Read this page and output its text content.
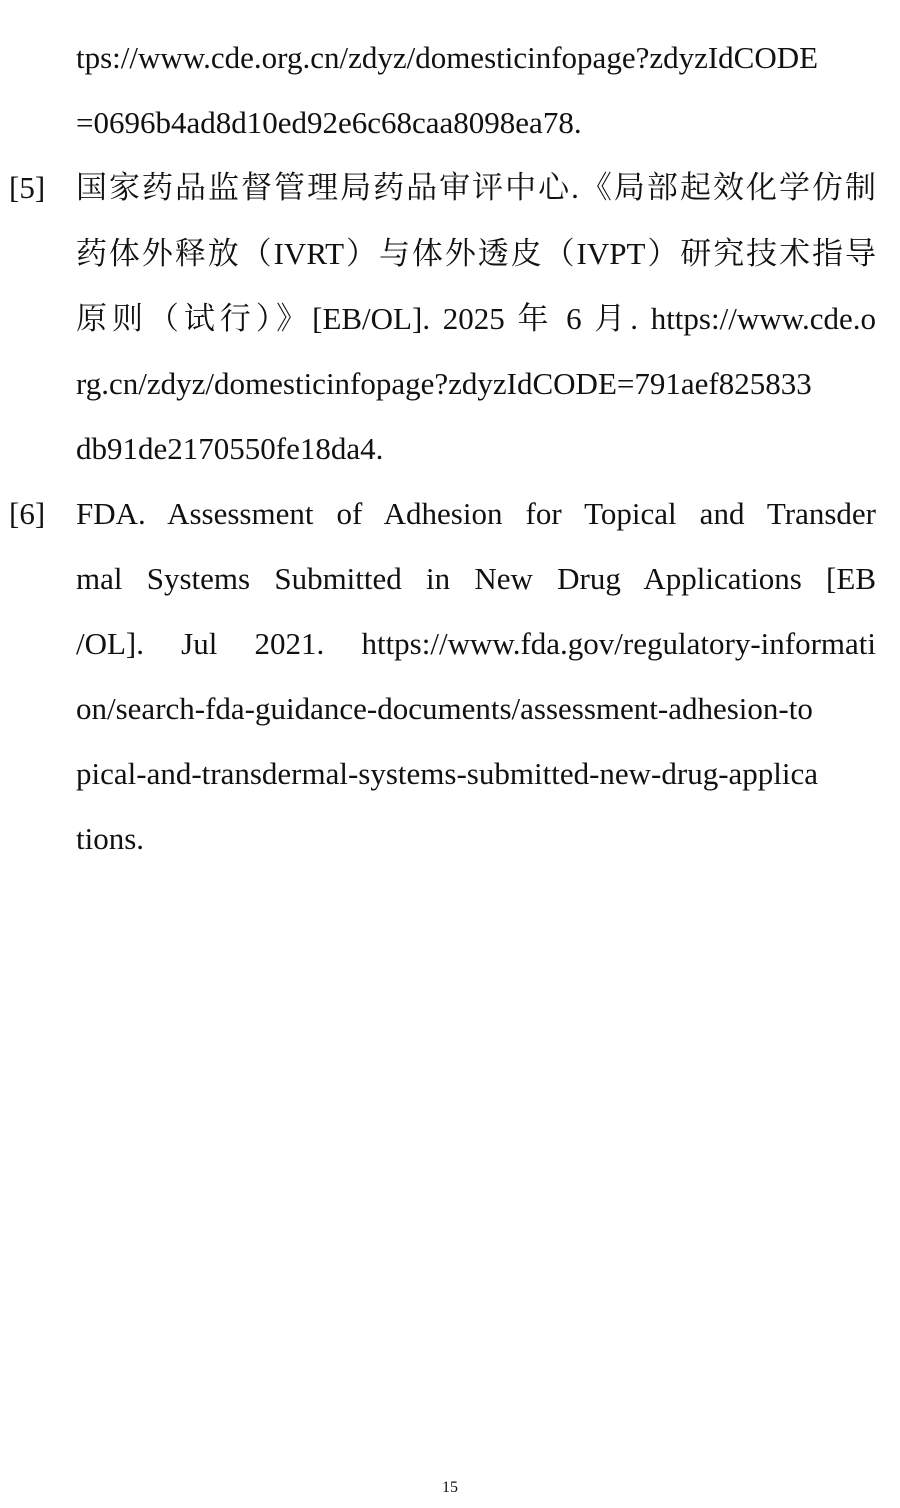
tps://www.cde.org.cn/zdyz/domesticinfopage?zdyzIdCODE
=0696b4ad8d10ed92e6c68caa8098ea78.
[5] 国家药品监督管理局药品审评中心.《局部起效化学仿制
药体外释放（IVRT）与体外透皮（IVPT）研究技术指导
原则（试行）》[EB/OL]. 2025 年 6 月. https://www.cde.o
rg.cn/zdyz/domesticinfopage?zdyzIdCODE=791aef825833
db91de2170550fe18da4.
[6] FDA. Assessment of Adhesion for Topical and Transder
mal Systems Submitted in New Drug Applications [EB
/OL]. Jul 2021. https://www.fda.gov/regulatory-informati
on/search-fda-guidance-documents/assessment-adhesion-to
pical-and-transdermal-systems-submitted-new-drug-applica
tions.
15
